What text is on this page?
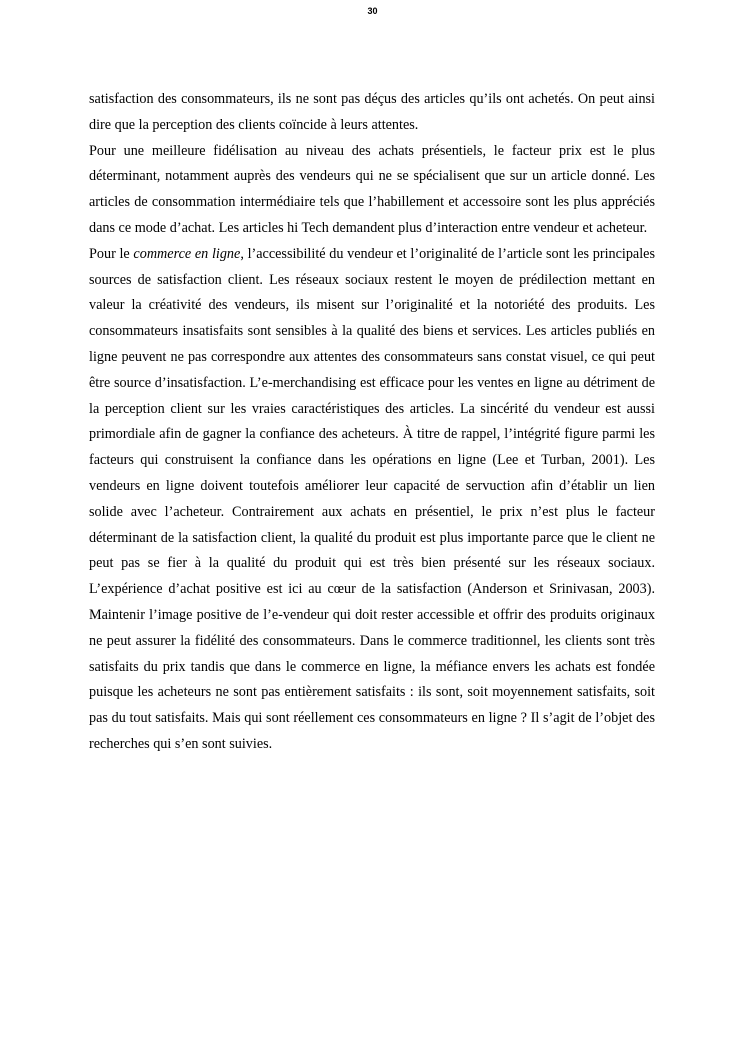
30

satisfaction des consommateurs, ils ne sont pas déçus des articles qu’ils ont achetés. On peut ainsi dire que la perception des clients coïncide à leurs attentes.

Pour une meilleure fidélisation au niveau des achats présentiels, le facteur prix est le plus déterminant, notamment auprès des vendeurs qui ne se spécialisent que sur un article donné. Les articles de consommation intermédiaire tels que l’habillement et accessoire sont les plus appréciés dans ce mode d’achat. Les articles hi Tech demandent plus d’interaction entre vendeur et acheteur.

Pour le commerce en ligne, l’accessibilité du vendeur et l’originalité de l’article sont les principales sources de satisfaction client. Les réseaux sociaux restent le moyen de prédilection mettant en valeur la créativité des vendeurs, ils misent sur l’originalité et la notoriété des produits. Les consommateurs insatisfaits sont sensibles à la qualité des biens et services. Les articles publiés en ligne peuvent ne pas correspondre aux attentes des consommateurs sans constat visuel, ce qui peut être source d’insatisfaction. L’e-merchandising est efficace pour les ventes en ligne au détriment de la perception client sur les vraies caractéristiques des articles. La sincérité du vendeur est aussi primordiale afin de gagner la confiance des acheteurs. À titre de rappel, l’intégrité figure parmi les facteurs qui construisent la confiance dans les opérations en ligne (Lee et Turban, 2001). Les vendeurs en ligne doivent toutefois améliorer leur capacité de servuction afin d’établir un lien solide avec l’acheteur. Contrairement aux achats en présentiel, le prix n’est plus le facteur déterminant de la satisfaction client, la qualité du produit est plus importante parce que le client ne peut pas se fier à la qualité du produit qui est très bien présenté sur les réseaux sociaux. L’expérience d’achat positive est ici au cœur de la satisfaction (Anderson et Srinivasan, 2003). Maintenir l’image positive de l’e-vendeur qui doit rester accessible et offrir des produits originaux ne peut assurer la fidélité des consommateurs. Dans le commerce traditionnel, les clients sont très satisfaits du prix tandis que dans le commerce en ligne, la méfiance envers les achats est fondée puisque les acheteurs ne sont pas entièrement satisfaits : ils sont, soit moyennement satisfaits, soit pas du tout satisfaits. Mais qui sont réellement ces consommateurs en ligne ? Il s’agit de l’objet des recherches qui s’en sont suivies.
